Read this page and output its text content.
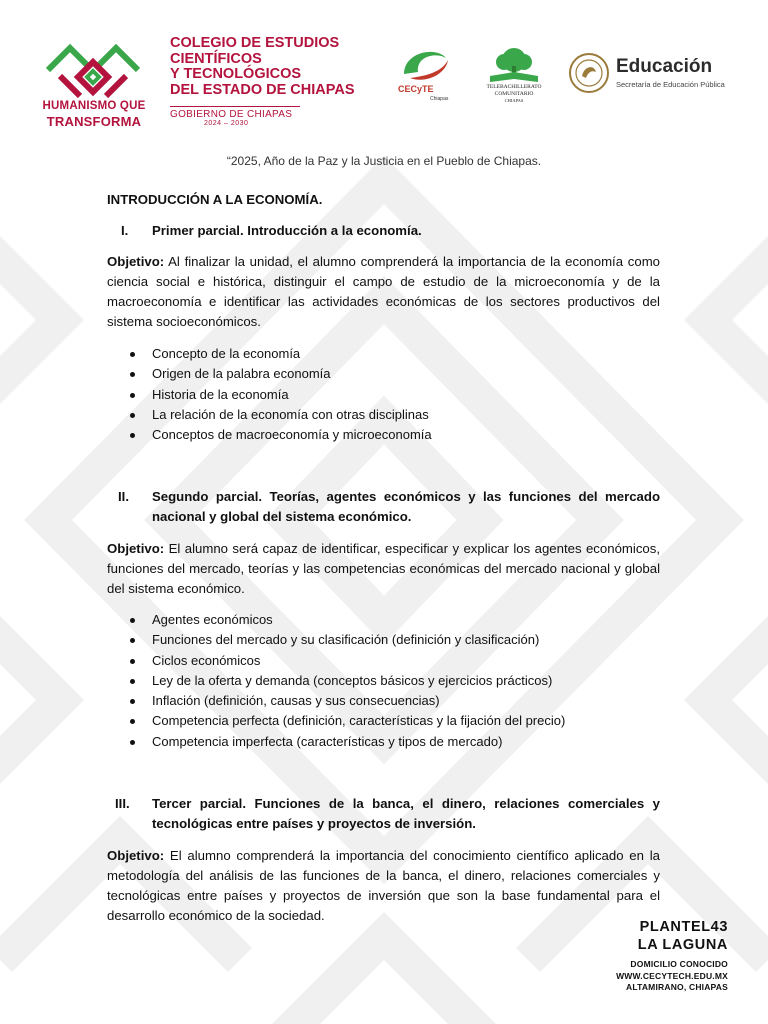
HUMANISMO QUE
TRANSFORMA
COLEGIO DE ESTUDIOS
CIENTÍFICOS
Y TECNOLÓGICOS
DEL ESTADO DE CHIAPAS
GOBIERNO DE CHIAPAS
2024 – 2030
CECyTE
Chiapas
TELEBACHILLERATO
COMUNITARIO
CHIAPAS
Educación
Secretaría de Educación Pública
“2025, Año de la Paz y la Justicia en el Pueblo de Chiapas.
INTRODUCCIÓN A LA ECONOMÍA.
I. Primer parcial. Introducción a la economía.
Objetivo: Al finalizar la unidad, el alumno comprenderá la importancia de la economía como ciencia social e histórica, distinguir el campo de estudio de la microeconomía y de la macroeconomía e identificar las actividades económicas de los sectores productivos del sistema socioeconómicos.
Concepto de la economía
Origen de la palabra economía
Historia de la economía
La relación de la economía con otras disciplinas
Conceptos de macroeconomía y microeconomía
II. Segundo parcial. Teorías, agentes económicos y las funciones del mercado nacional y global del sistema económico.
Objetivo: El alumno será capaz de identificar, especificar y explicar los agentes económicos, funciones del mercado, teorías y las competencias económicas del mercado nacional y global del sistema económico.
Agentes económicos
Funciones del mercado y su clasificación (definición y clasificación)
Ciclos económicos
Ley de la oferta y demanda (conceptos básicos y ejercicios prácticos)
Inflación (definición, causas y sus consecuencias)
Competencia perfecta (definición, características y la fijación del precio)
Competencia imperfecta (características y tipos de mercado)
III. Tercer parcial. Funciones de la banca, el dinero, relaciones comerciales y tecnológicas entre países y proyectos de inversión.
Objetivo: El alumno comprenderá la importancia del conocimiento científico aplicado en la metodología del análisis de las funciones de la banca, el dinero, relaciones comerciales y tecnológicas entre países y proyectos de inversión que son la base fundamental para el desarrollo económico de la sociedad.
PLANTEL43
LA LAGUNA
DOMICILIO CONOCIDO
WWW.CECYTECH.EDU.MX
ALTAMIRANO, CHIAPAS
